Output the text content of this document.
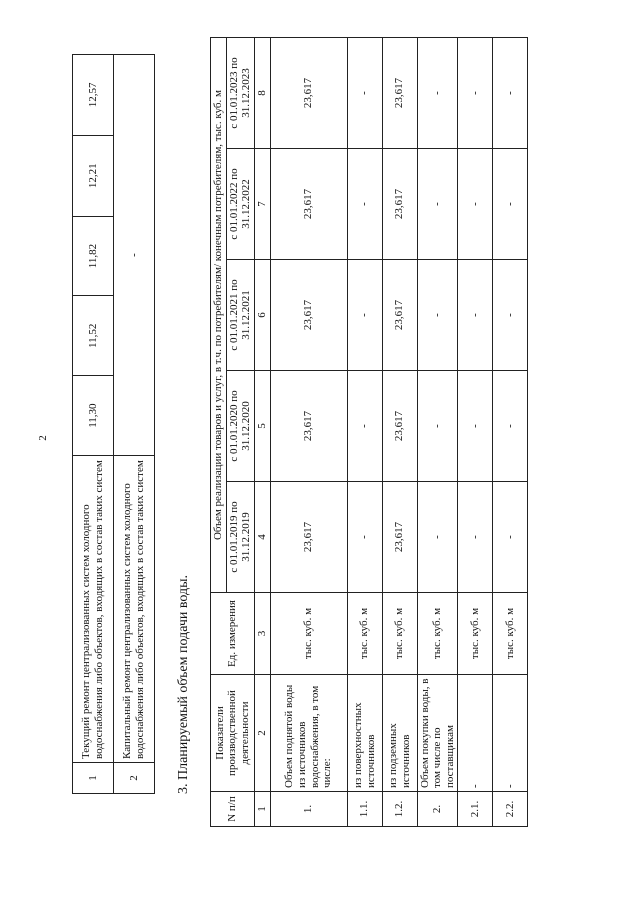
2
1	Текущий ремонт централизованных систем холодного водоснабжения либо объектов, входящих в состав таких систем	11,30	11,52	11,82	12,21	12,57
2	Капитальный ремонт централизованных систем холодного водоснабжения либо объектов, входящих в состав таких систем	-				
3. Планируемый объем подачи воды.
N п/п	Показатели производственной деятельности	Ед. измерения	Объем реализации товаров и услуг, в т.ч. по потребителям/ конечным потребителям, тыс. куб. м				
			с 01.01.2019 по 31.12.2019	с 01.01.2020 по 31.12.2020	с 01.01.2021 по 31.12.2021	с 01.01.2022 по 31.12.2022	с 01.01.2023 по 31.12.2023
1	2	3	4	5	6	7	8
1.	Объем поднятой воды из источников водоснабжения, в том числе:	тыс. куб. м	23,617	23,617	23,617	23,617	23,617
1.1.	из поверхностных источников	тыс. куб. м	-	-	-	-	-
1.2.	из подземных источников	тыс. куб. м	23,617	23,617	23,617	23,617	23,617
2.	Объем покупки воды, в том числе по поставщикам	тыс. куб. м	-	-	-	-	-
2.1.	-	тыс. куб. м	-	-	-	-	-
2.2.	-	тыс. куб. м	-	-	-	-	-
